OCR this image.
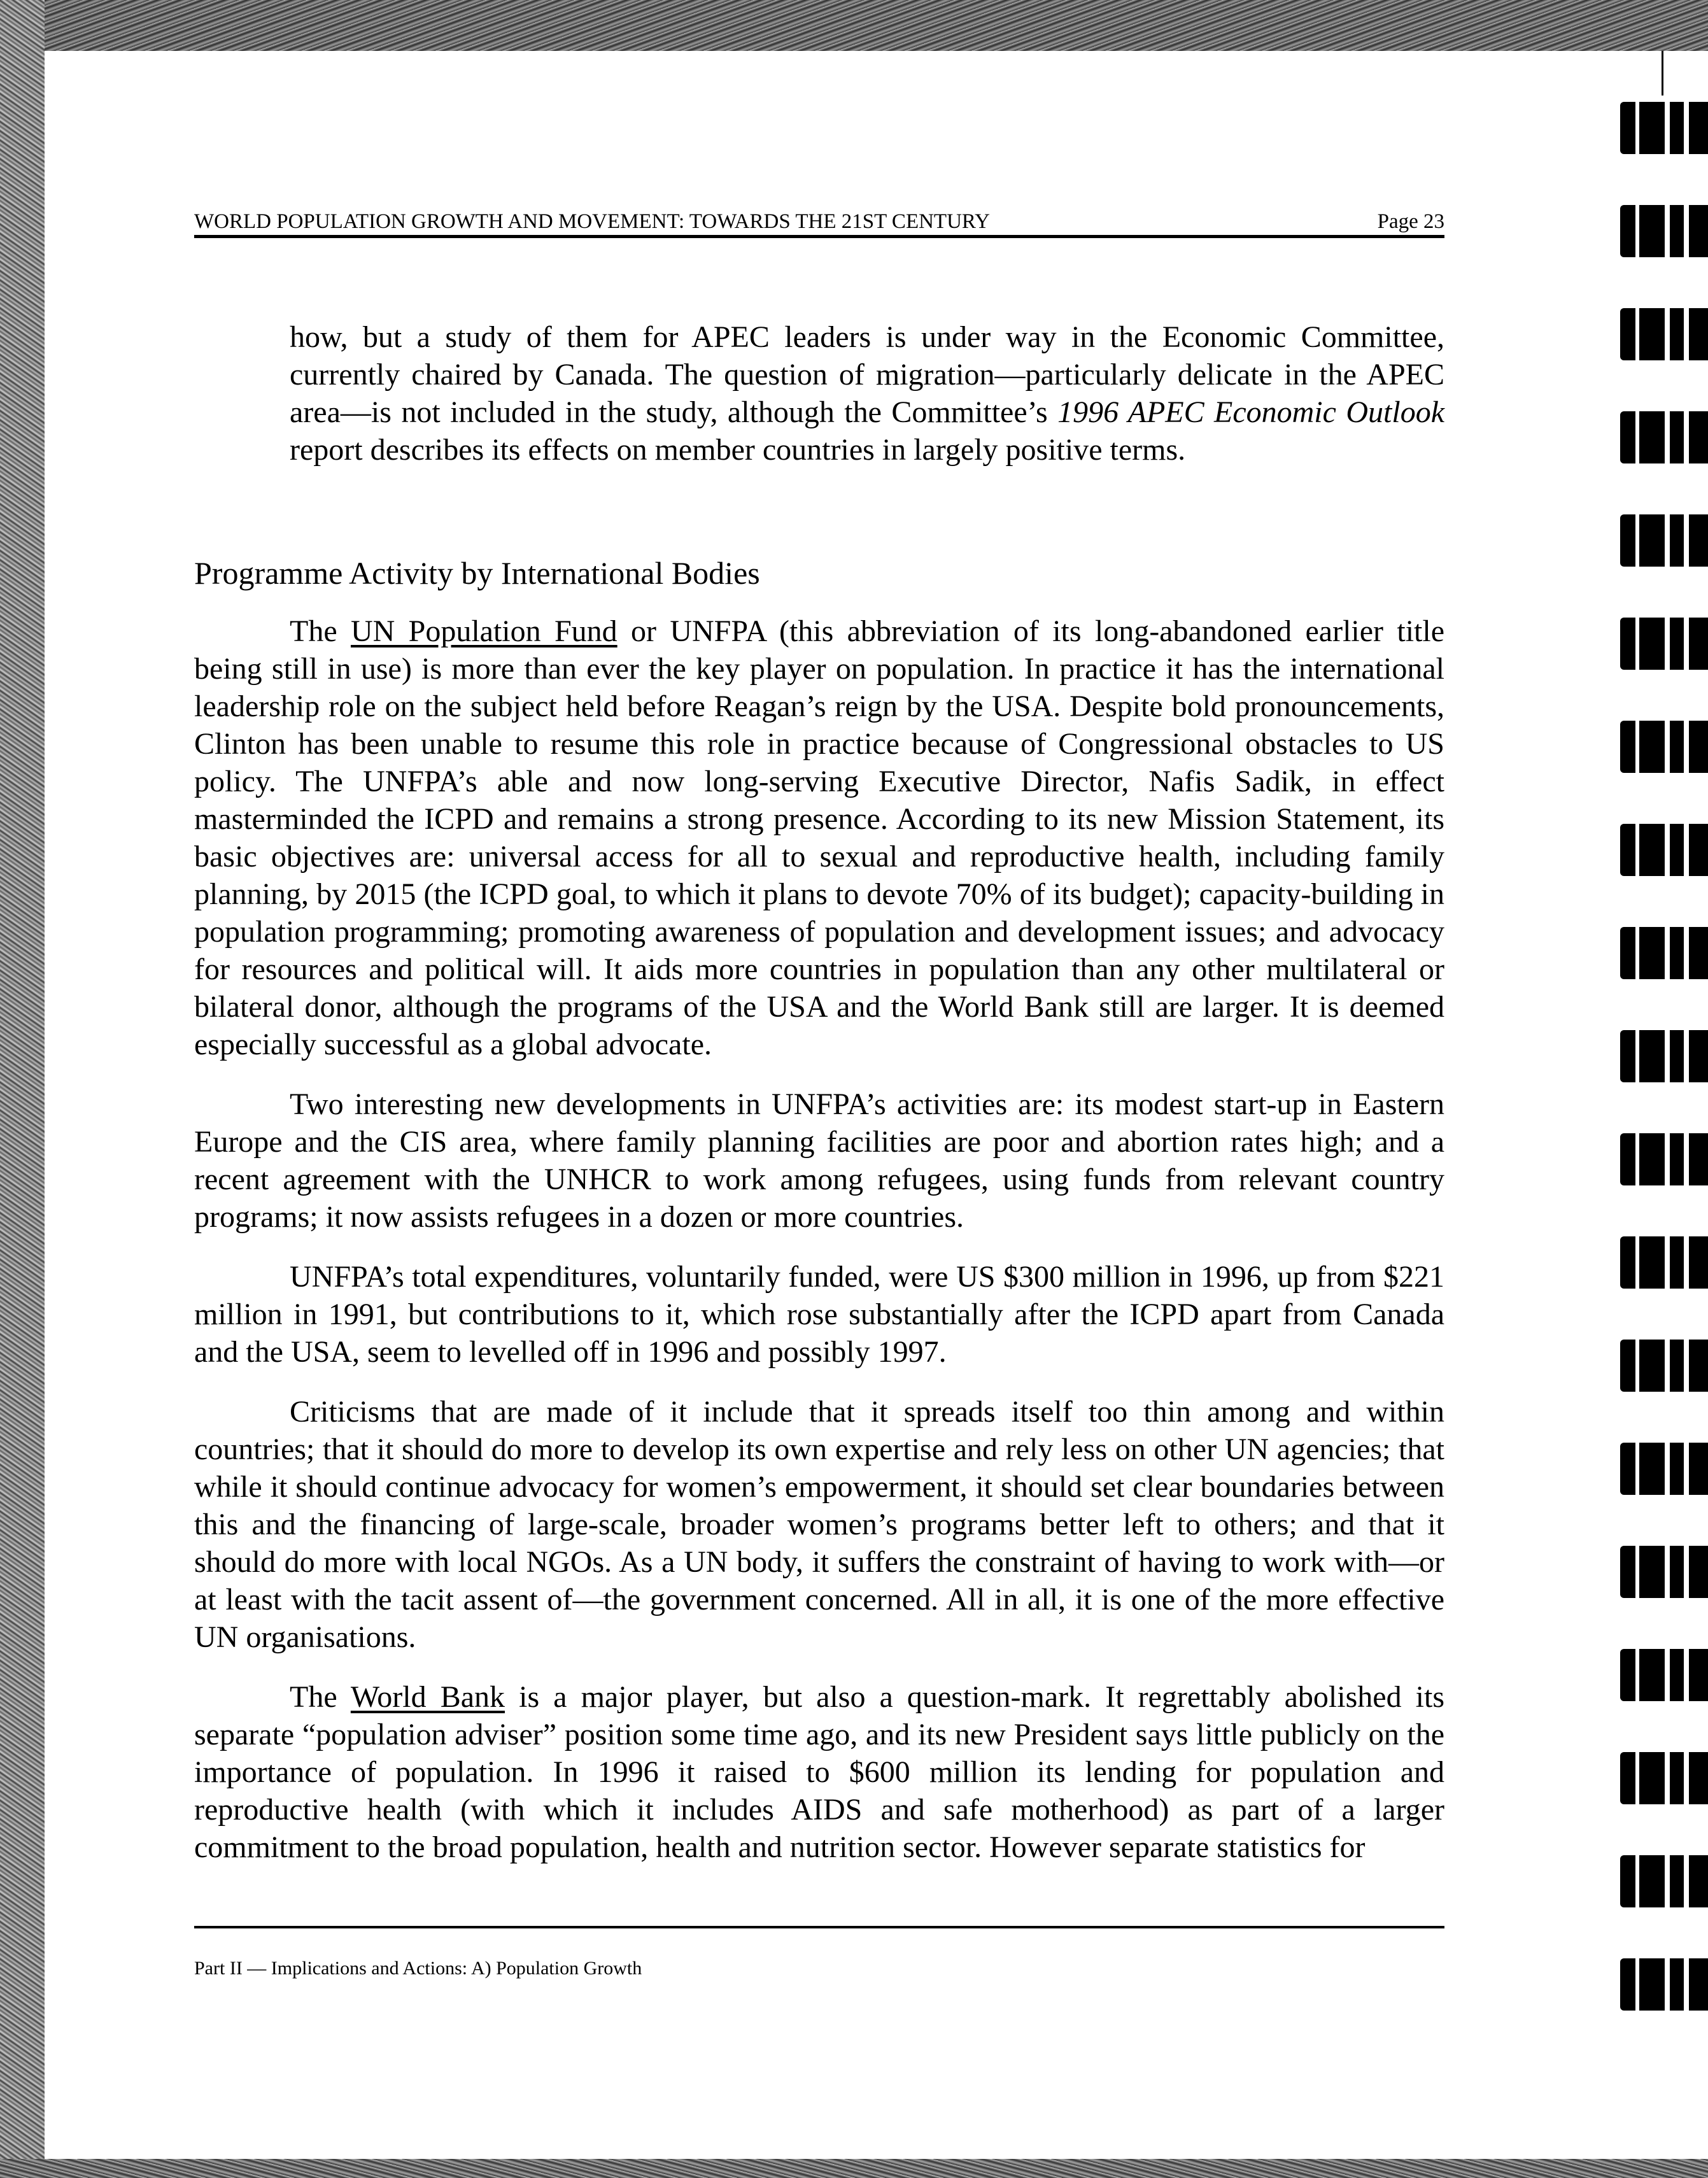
WORLD POPULATION GROWTH AND MOVEMENT: TOWARDS THE 21ST CENTURY	Page 23

how, but a study of them for APEC leaders is under way in the Economic Committee, currently chaired by Canada. The question of migration—particularly delicate in the APEC area—is not included in the study, although the Committee’s 1996 APEC Economic Outlook report describes its effects on member countries in largely positive terms.

Programme Activity by International Bodies

The UN Population Fund or UNFPA (this abbreviation of its long-abandoned earlier title being still in use) is more than ever the key player on population. In practice it has the international leadership role on the subject held before Reagan’s reign by the USA. Despite bold pronouncements, Clinton has been unable to resume this role in practice because of Congressional obstacles to US policy. The UNFPA’s able and now long-serving Executive Director, Nafis Sadik, in effect masterminded the ICPD and remains a strong presence. According to its new Mission Statement, its basic objectives are: universal access for all to sexual and reproductive health, including family planning, by 2015 (the ICPD goal, to which it plans to devote 70% of its budget); capacity-building in population programming; promoting awareness of population and development issues; and advocacy for resources and political will. It aids more countries in population than any other multilateral or bilateral donor, although the programs of the USA and the World Bank still are larger. It is deemed especially successful as a global advocate.

Two interesting new developments in UNFPA’s activities are: its modest start-up in Eastern Europe and the CIS area, where family planning facilities are poor and abortion rates high; and a recent agreement with the UNHCR to work among refugees, using funds from relevant country programs; it now assists refugees in a dozen or more countries.

UNFPA’s total expenditures, voluntarily funded, were US $300 million in 1996, up from $221 million in 1991, but contributions to it, which rose substantially after the ICPD apart from Canada and the USA, seem to levelled off in 1996 and possibly 1997.

Criticisms that are made of it include that it spreads itself too thin among and within countries; that it should do more to develop its own expertise and rely less on other UN agencies; that while it should continue advocacy for women’s empowerment, it should set clear boundaries between this and the financing of large-scale, broader women’s programs better left to others; and that it should do more with local NGOs. As a UN body, it suffers the constraint of having to work with—or at least with the tacit assent of—the government concerned. All in all, it is one of the more effective UN organisations.

The World Bank is a major player, but also a question-mark. It regrettably abolished its separate “population adviser” position some time ago, and its new President says little publicly on the importance of population. In 1996 it raised to $600 million its lending for population and reproductive health (with which it includes AIDS and safe motherhood) as part of a larger commitment to the broad population, health and nutrition sector. However separate statistics for

Part II — Implications and Actions: A) Population Growth
